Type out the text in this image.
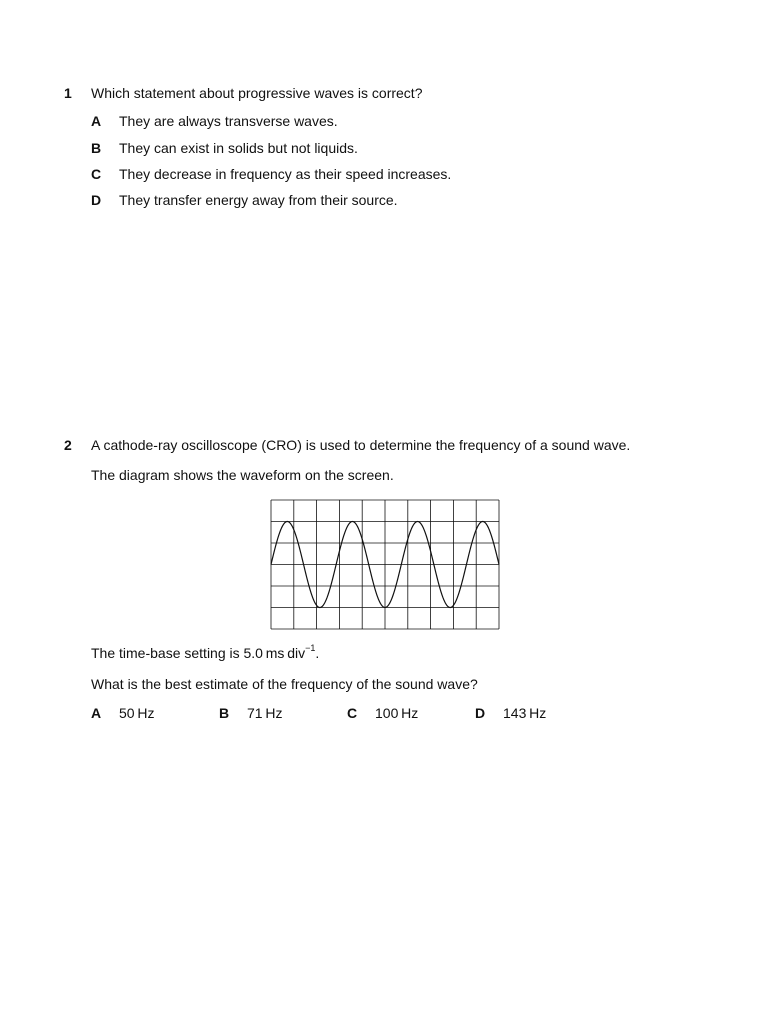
1 Which statement about progressive waves is correct?
A They are always transverse waves.
B They can exist in solids but not liquids.
C They decrease in frequency as their speed increases.
D They transfer energy away from their source.
2 A cathode-ray oscilloscope (CRO) is used to determine the frequency of a sound wave.
The diagram shows the waveform on the screen.
The time-base setting is 5.0 ms div$^{-1}$.
What is the best estimate of the frequency of the sound wave?
A 50 Hz	B 71 Hz	C 100 Hz	D 143 Hz
